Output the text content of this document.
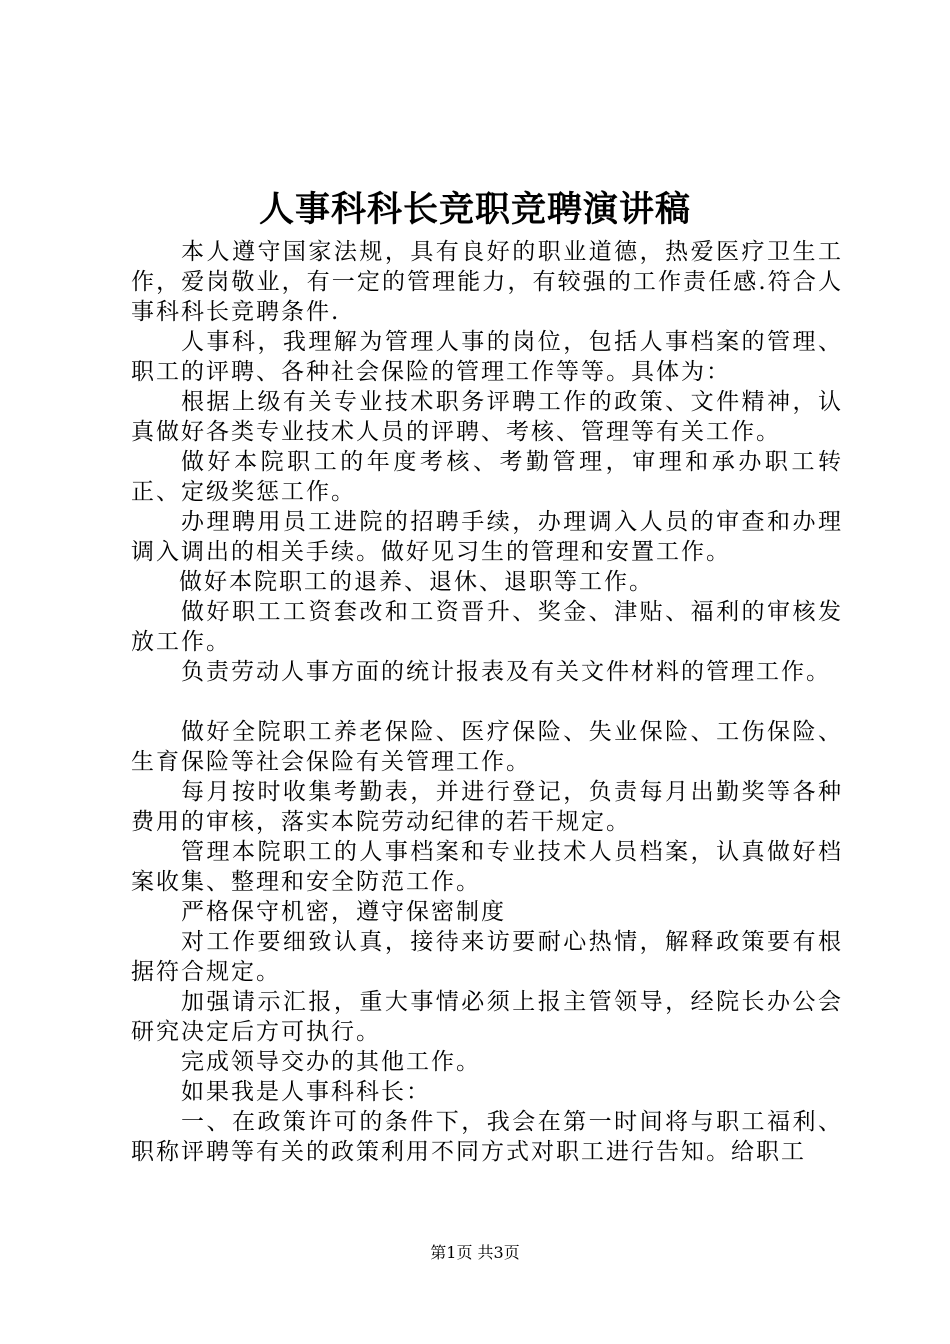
人事科科长竞职竞聘演讲稿

本人遵守国家法规，具有良好的职业道德，热爱医疗卫生工作，爱岗敬业，有一定的管理能力，有较强的工作责任感.符合人事科科长竞聘条件.

人事科，我理解为管理人事的岗位，包括人事档案的管理、职工的评聘、各种社会保险的管理工作等等。具体为：

根据上级有关专业技术职务评聘工作的政策、文件精神，认真做好各类专业技术人员的评聘、考核、管理等有关工作。

做好本院职工的年度考核、考勤管理，审理和承办职工转正、定级奖惩工作。

办理聘用员工进院的招聘手续，办理调入人员的审查和办理调入调出的相关手续。做好见习生的管理和安置工作。

做好本院职工的退养、退休、退职等工作。

做好职工工资套改和工资晋升、奖金、津贴、福利的审核发放工作。

负责劳动人事方面的统计报表及有关文件材料的管理工作。

做好全院职工养老保险、医疗保险、失业保险、工伤保险、生育保险等社会保险有关管理工作。

每月按时收集考勤表，并进行登记，负责每月出勤奖等各种费用的审核，落实本院劳动纪律的若干规定。

管理本院职工的人事档案和专业技术人员档案，认真做好档案收集、整理和安全防范工作。

严格保守机密，遵守保密制度

对工作要细致认真，接待来访要耐心热情，解释政策要有根据符合规定。

加强请示汇报，重大事情必须上报主管领导，经院长办公会研究决定后方可执行。

完成领导交办的其他工作。

如果我是人事科科长：

一、在政策许可的条件下，我会在第一时间将与职工福利、职称评聘等有关的政策利用不同方式对职工进行告知。给职工

第1页 共3页
